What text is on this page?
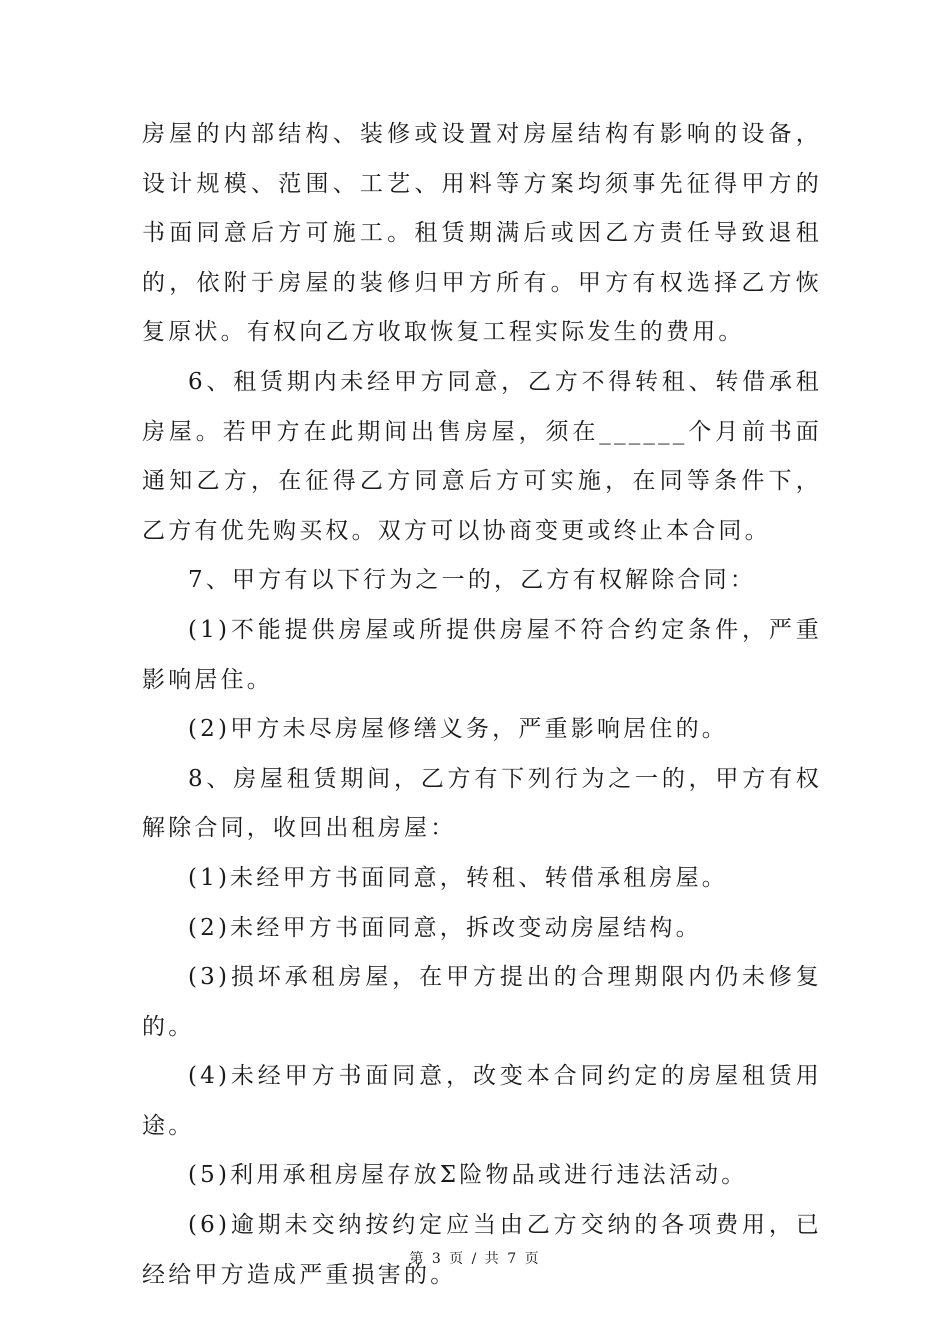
房屋的内部结构、装修或设置对房屋结构有影响的设备，设计规模、范围、工艺、用料等方案均须事先征得甲方的书面同意后方可施工。租赁期满后或因乙方责任导致退租的，依附于房屋的装修归甲方所有。甲方有权选择乙方恢复原状。有权向乙方收取恢复工程实际发生的费用。

6、租赁期内未经甲方同意，乙方不得转租、转借承租房屋。若甲方在此期间出售房屋，须在______个月前书面通知乙方，在征得乙方同意后方可实施，在同等条件下，乙方有优先购买权。双方可以协商变更或终止本合同。

7、甲方有以下行为之一的，乙方有权解除合同：

(1)不能提供房屋或所提供房屋不符合约定条件，严重影响居住。

(2)甲方未尽房屋修缮义务，严重影响居住的。

8、房屋租赁期间，乙方有下列行为之一的，甲方有权解除合同，收回出租房屋：

(1)未经甲方书面同意，转租、转借承租房屋。

(2)未经甲方书面同意，拆改变动房屋结构。

(3)损坏承租房屋，在甲方提出的合理期限内仍未修复的。

(4)未经甲方书面同意，改变本合同约定的房屋租赁用途。

(5)利用承租房屋存放Σ险物品或进行违法活动。

(6)逾期未交纳按约定应当由乙方交纳的各项费用，已经给甲方造成严重损害的。

第 3 页 / 共 7 页
